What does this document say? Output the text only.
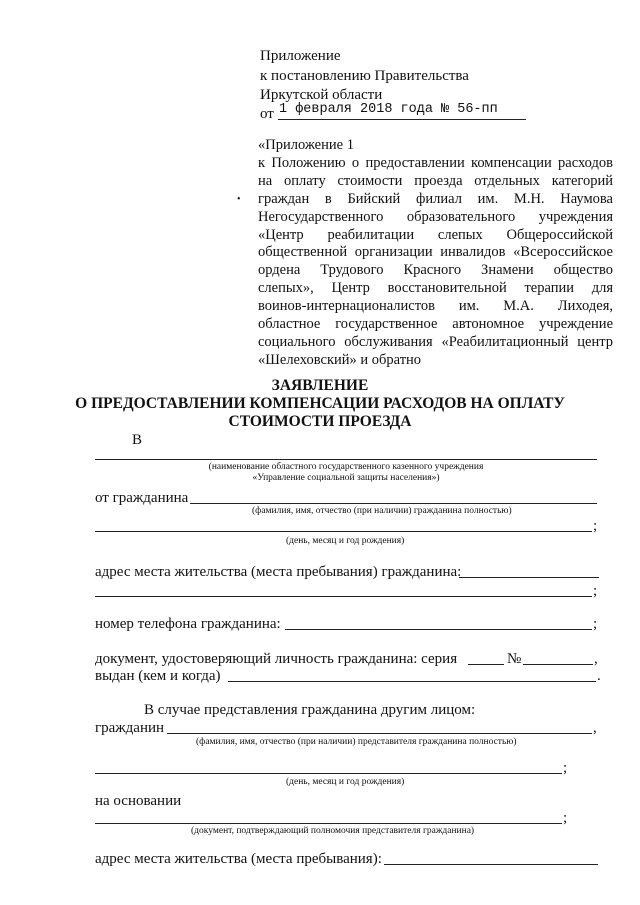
Приложение
к постановлению Правительства
Иркутской области
от 1 февраля 2018 года № 56-пп
«Приложение 1
к Положению о предоставлении компенсации расходов
на оплату стоимости проезда отдельных категорий
граждан в Бийский филиал им. М.Н. Наумова
Негосударственного образовательного учреждения
«Центр реабилитации слепых Общероссийской
общественной организации инвалидов «Всероссийское
ордена Трудового Красного Знамени общество
слепых», Центр восстановительной терапии для
воинов-интернационалистов им. М.А. Лиходея,
областное государственное автономное учреждение
социального обслуживания «Реабилитационный центр
«Шелеховский» и обратно
•
ЗАЯВЛЕНИЕ
О ПРЕДОСТАВЛЕНИИ КОМПЕНСАЦИИ РАСХОДОВ НА ОПЛАТУ
СТОИМОСТИ ПРОЕЗДА
В
(наименование областного государственного казенного учреждения
«Управление социальной защиты населения»)
от гражданина
(фамилия, имя, отчество (при наличии) гражданина полностью)
;
(день, месяц и год рождения)
адрес места жительства (места пребывания) гражданина:
;
номер телефона гражданина:	;
документ, удостоверяющий личность гражданина: серия	№	,
выдан (кем и когда)	.
В случае представления гражданина другим лицом:
гражданин	,
(фамилия, имя, отчество (при наличии) представителя гражданина полностью)
;
(день, месяц и год рождения)
на основании
;
(документ, подтверждающий полномочия представителя гражданина)
адрес места жительства (места пребывания):
